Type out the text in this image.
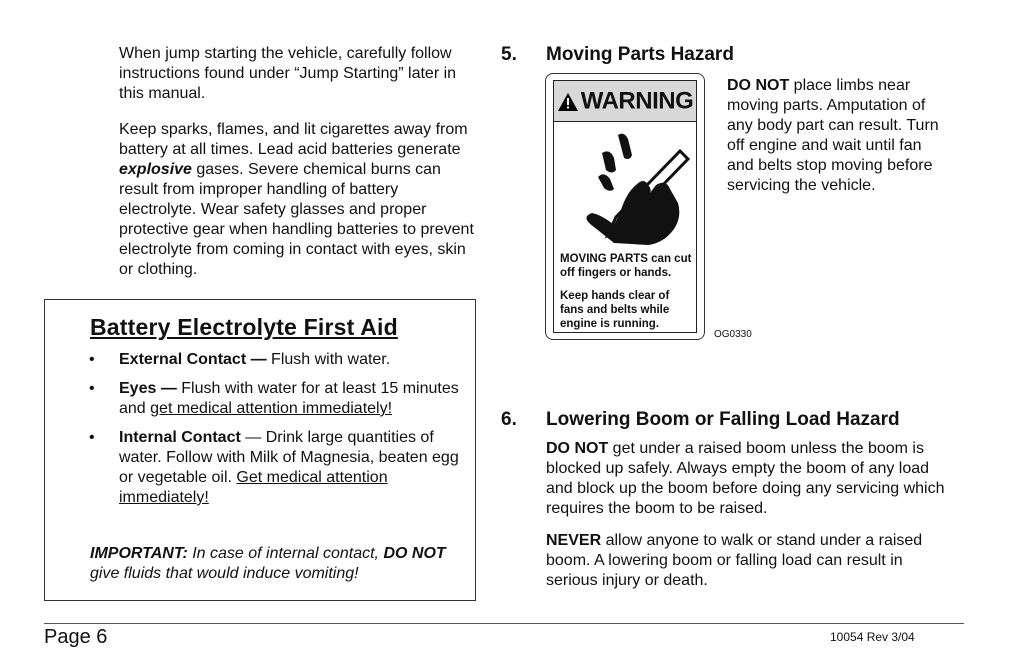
When jump starting the vehicle, carefully follow instructions found under “Jump Starting” later in this manual.

Keep sparks, flames, and lit cigarettes away from battery at all times. Lead acid batteries generate explosive gases. Severe chemical burns can result from improper handling of battery electrolyte. Wear safety glasses and proper protective gear when handling batteries to prevent electrolyte from coming in contact with eyes, skin or clothing.

Battery Electrolyte First Aid
• External Contact — Flush with water.
• Eyes — Flush with water for at least 15 minutes and get medical attention immediately!
• Internal Contact — Drink large quantities of water. Follow with Milk of Magnesia, beaten egg or vegetable oil. Get medical attention immediately!
IMPORTANT: In case of internal contact, DO NOT give fluids that would induce vomiting!
5. Moving Parts Hazard
WARNING
MOVING PARTS can cut off fingers or hands.
Keep hands clear of fans and belts while engine is running.
OG0330
DO NOT place limbs near moving parts. Amputation of any body part can result. Turn off engine and wait until fan and belts stop moving before servicing the vehicle.
6. Lowering Boom or Falling Load Hazard

DO NOT get under a raised boom unless the boom is blocked up safely. Always empty the boom of any load and block up the boom before doing any servicing which requires the boom to be raised.

NEVER allow anyone to walk or stand under a raised boom. A lowering boom or falling load can result in serious injury or death.

Page 6	10054 Rev 3/04
